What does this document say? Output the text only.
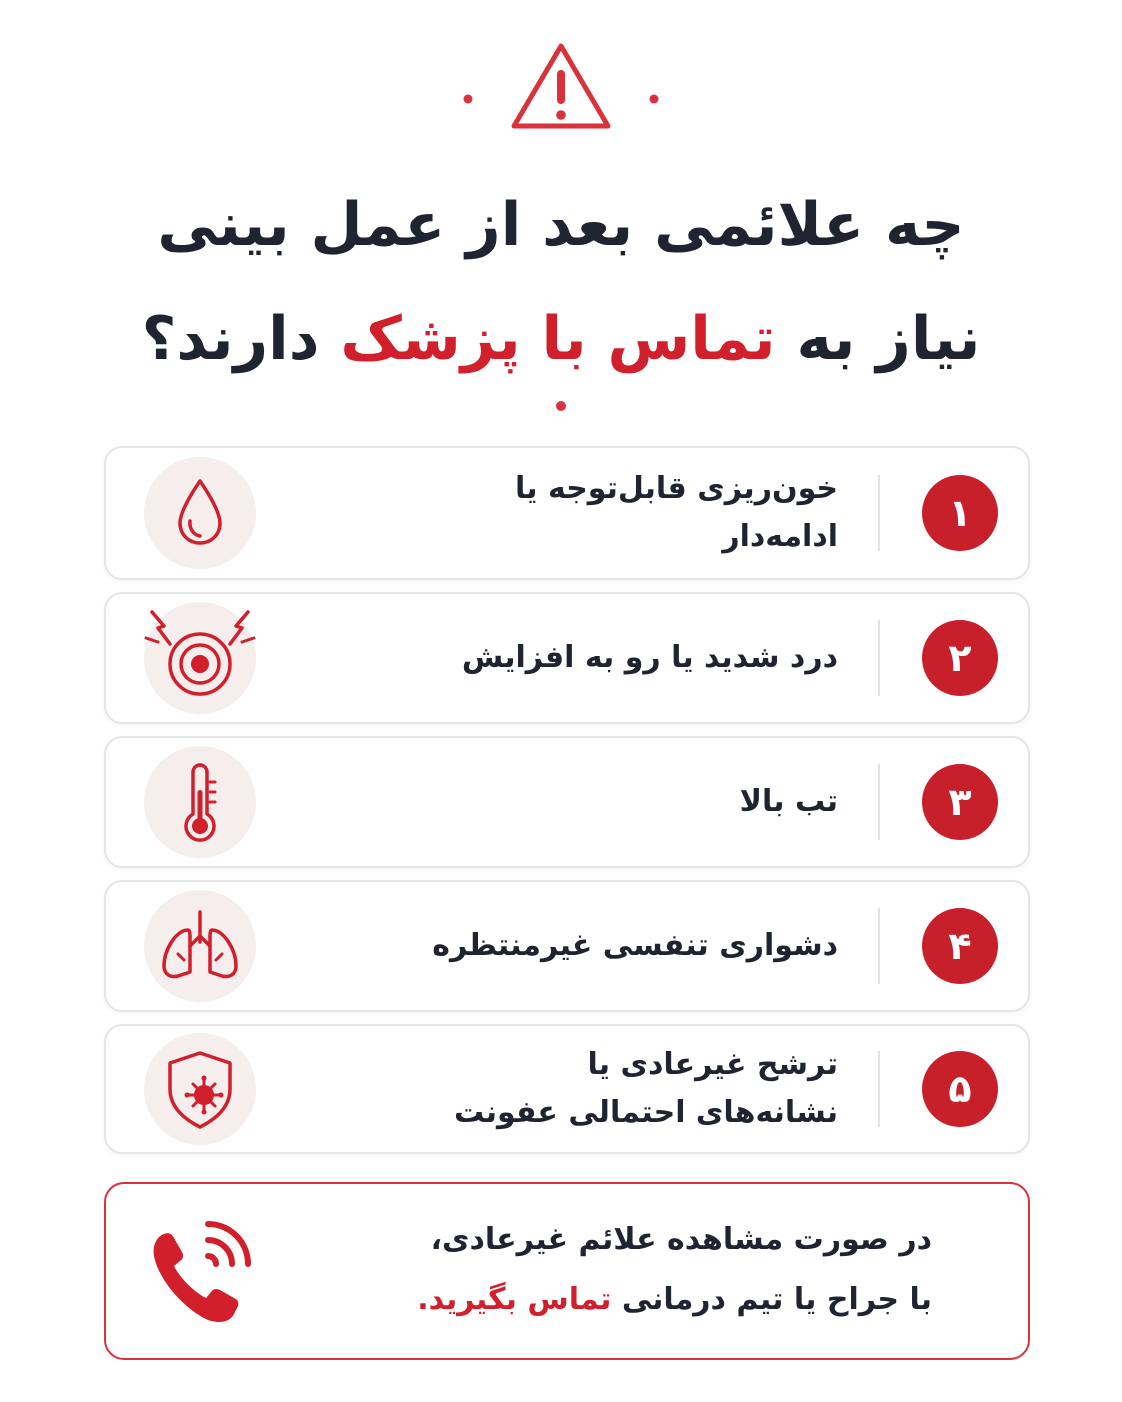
چه علائمی بعد از عمل بینی
نیاز به تماس با پزشک دارند؟
۱
خون‌ریزی قابل‌توجه یا ادامه‌دار
۲
درد شدید یا رو به افزایش
۳
تب بالا
۴
دشواری تنفسی غیرمنتظره
۵
ترشح غیرعادی یا نشانه‌های احتمالی عفونت
در صورت مشاهده علائم غیرعادی،
با جراح یا تیم درمانی تماس بگیرید.
